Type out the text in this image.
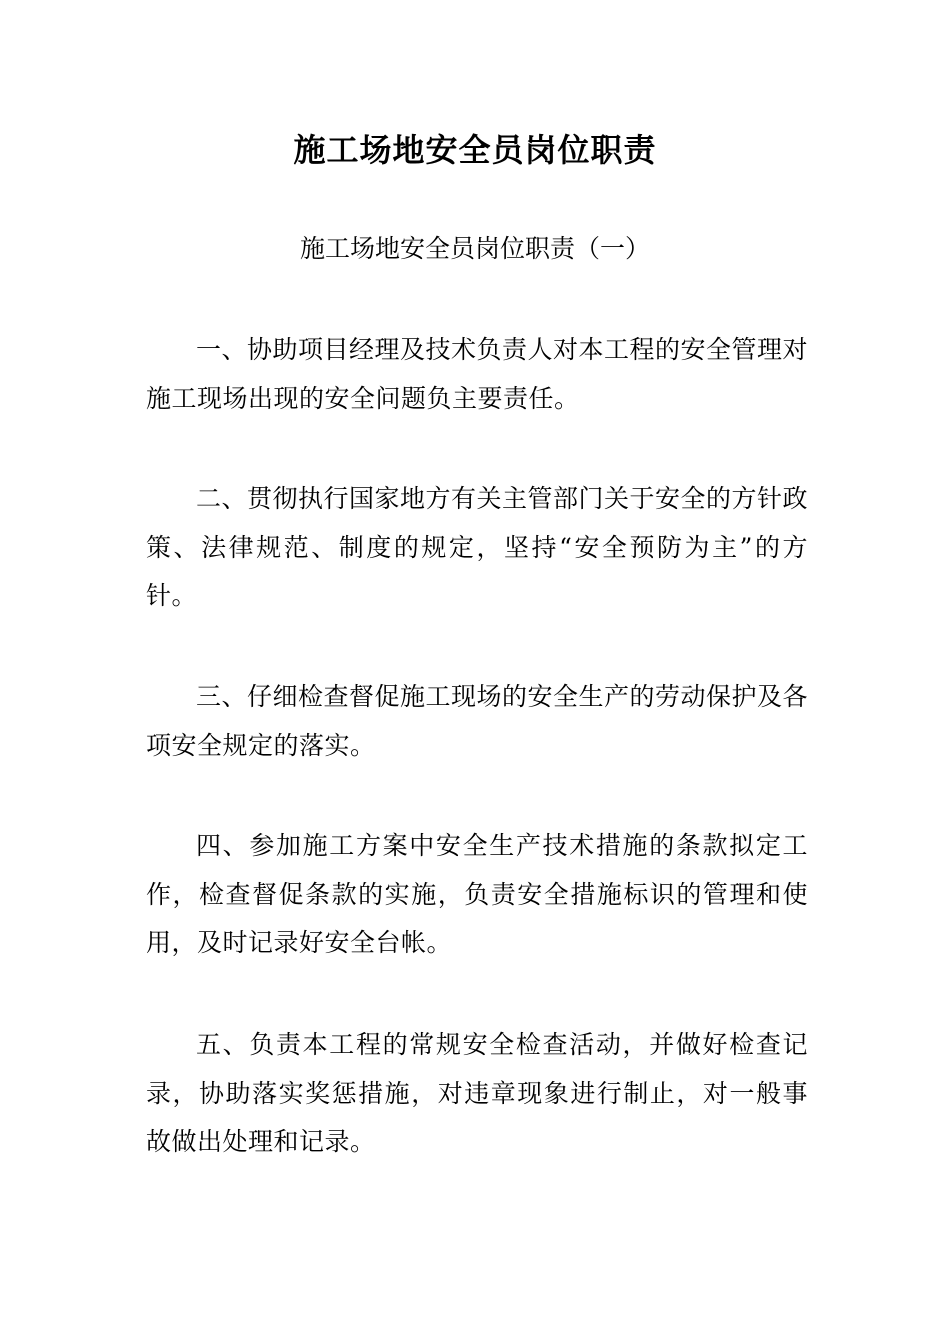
施工场地安全员岗位职责

施工场地安全员岗位职责（一）

一、协助项目经理及技术负责人对本工程的安全管理对施工现场出现的安全问题负主要责任。

二、贯彻执行国家地方有关主管部门关于安全的方针政策、法律规范、制度的规定，坚持“安全预防为主”的方针。

三、仔细检查督促施工现场的安全生产的劳动保护及各项安全规定的落实。

四、参加施工方案中安全生产技术措施的条款拟定工作，检查督促条款的实施，负责安全措施标识的管理和使用，及时记录好安全台帐。

五、负责本工程的常规安全检查活动，并做好检查记录，协助落实奖惩措施，对违章现象进行制止，对一般事故做出处理和记录。
